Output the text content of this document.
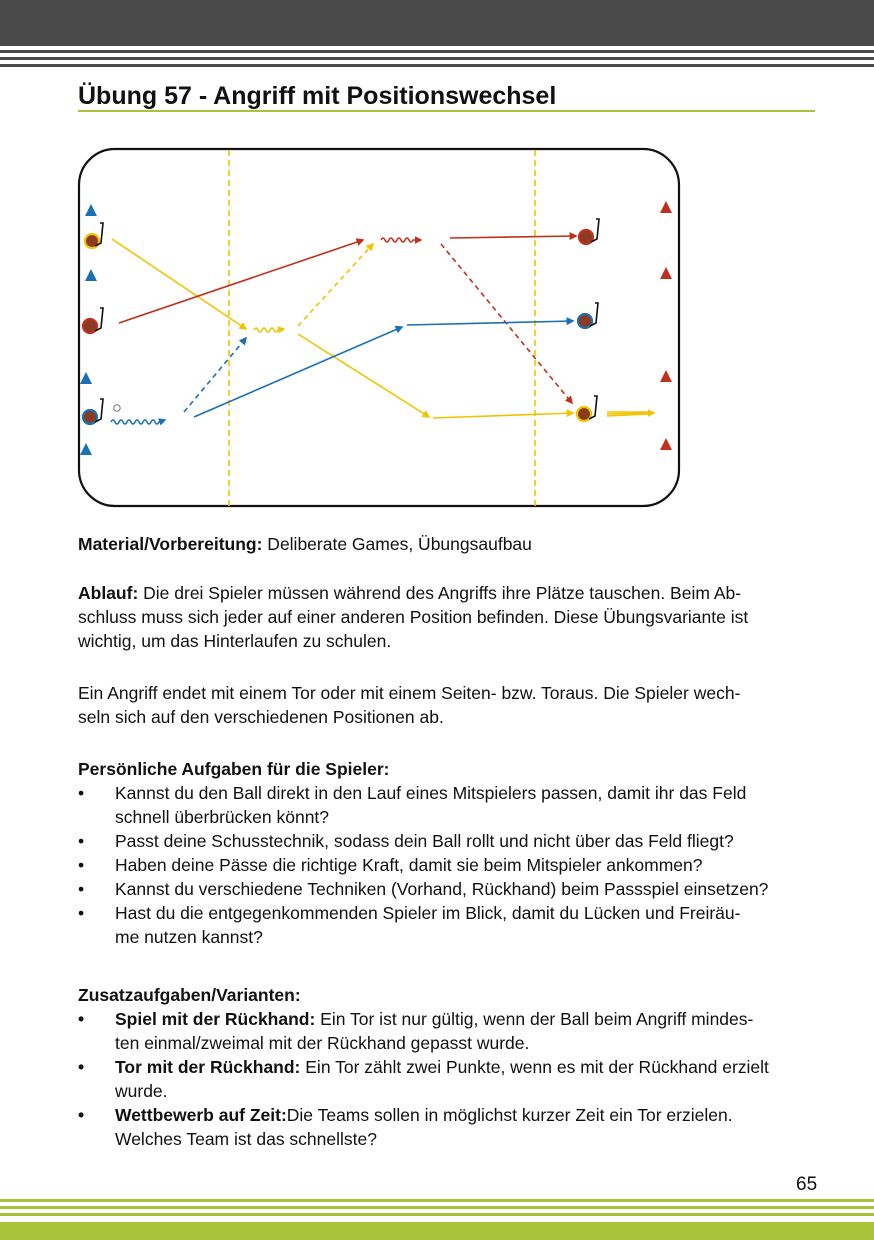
Übung 57 - Angriff mit Positionswechsel
Material/Vorbereitung: Deliberate Games, Übungsaufbau
Ablauf: Die drei Spieler müssen während des Angriffs ihre Plätze tauschen. Beim Ab-
schluss muss sich jeder auf einer anderen Position befinden. Diese Übungsvariante ist
wichtig, um das Hinterlaufen zu schulen.
Ein Angriff endet mit einem Tor oder mit einem Seiten- bzw. Toraus. Die Spieler wech-
seln sich auf den verschiedenen Positionen ab.
Persönliche Aufgaben für die Spieler:
• Kannst du den Ball direkt in den Lauf eines Mitspielers passen, damit ihr das Feld
schnell überbrücken könnt?
• Passt deine Schusstechnik, sodass dein Ball rollt und nicht über das Feld fliegt?
• Haben deine Pässe die richtige Kraft, damit sie beim Mitspieler ankommen?
• Kannst du verschiedene Techniken (Vorhand, Rückhand) beim Passspiel einsetzen?
• Hast du die entgegenkommenden Spieler im Blick, damit du Lücken und Freiräu-
me nutzen kannst?
Zusatzaufgaben/Varianten:
• Spiel mit der Rückhand: Ein Tor ist nur gültig, wenn der Ball beim Angriff mindes-
ten einmal/zweimal mit der Rückhand gepasst wurde.
• Tor mit der Rückhand: Ein Tor zählt zwei Punkte, wenn es mit der Rückhand erzielt
wurde.
• Wettbewerb auf Zeit:Die Teams sollen in möglichst kurzer Zeit ein Tor erzielen.
Welches Team ist das schnellste?
65
